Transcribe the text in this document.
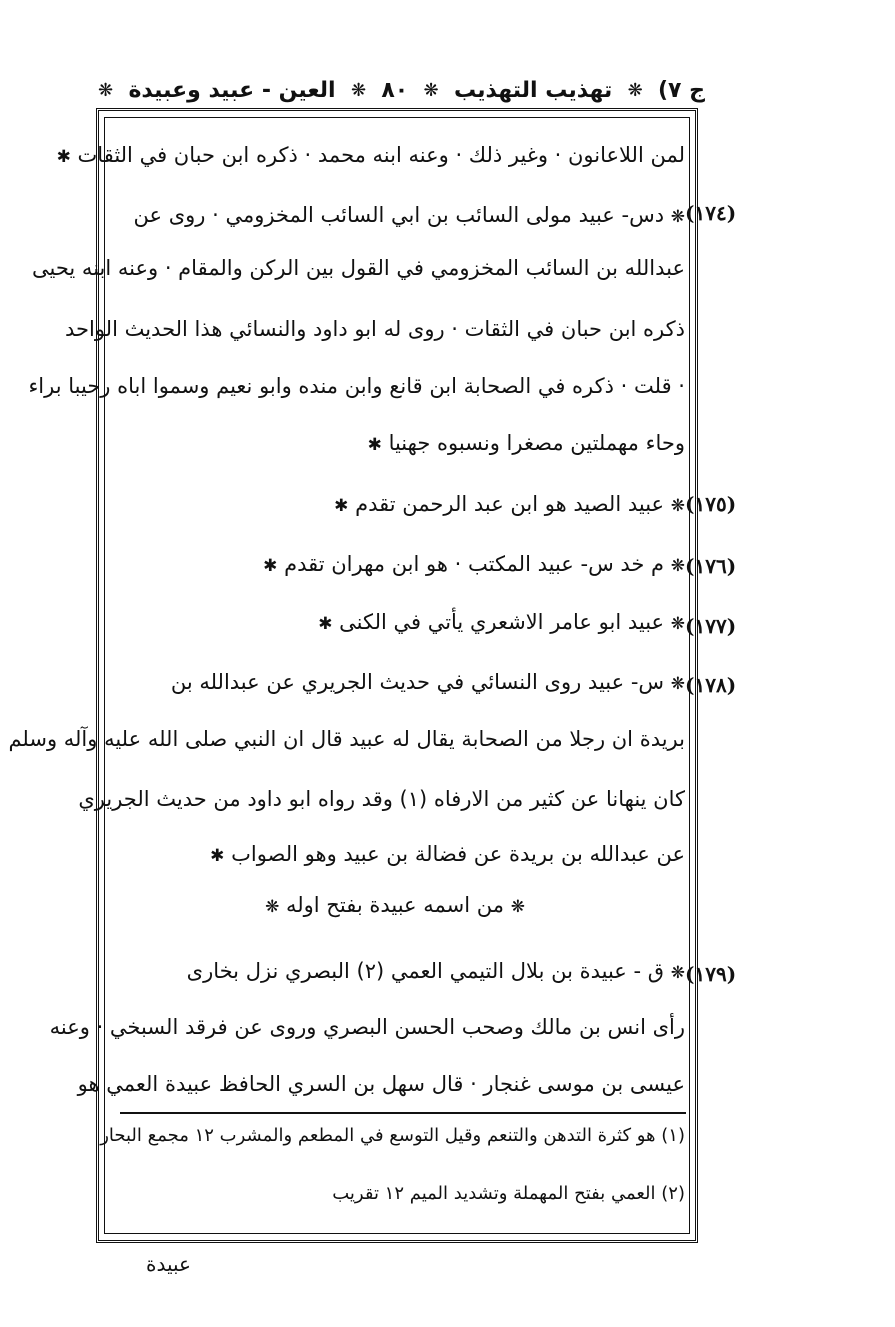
ج ٧)
❋
تهذيب التهذيب
❋
٨٠
❋
العين - عبيد وعبيدة
❋
لمن اللاعانون · وغير ذلك · وعنه ابنه محمد · ذكره ابن حبان في الثقات ✱
(١٧٤)
❋ دس- عبيد مولى السائب بن ابي السائب المخزومي · روى عن
عبدالله بن السائب المخزومي في القول بين الركن والمقام · وعنه ابنه يحيى
ذكره ابن حبان في الثقات · روى له ابو داود والنسائي هذا الحديث الواحد
· قلت · ذكره في الصحابة ابن قانع وابن منده وابو نعيم وسموا اباه رحيبا براء
وحاء مهملتين مصغرا ونسبوه جهنيا ✱
(١٧٥)
❋ عبيد الصيد هو ابن عبد الرحمن تقدم ✱
(١٧٦)
❋ م خد س- عبيد المكتب · هو ابن مهران تقدم ✱
(١٧٧)
❋ عبيد ابو عامر الاشعري يأتي في الكنى ✱
(١٧٨)
❋ س- عبيد روى النسائي في حديث الجريري عن عبدالله بن
بريدة ان رجلا من الصحابة يقال له عبيد قال ان النبي صلى الله عليه وآله وسلم
كان ينهانا عن كثير من الارفاه (١) وقد رواه ابو داود من حديث الجريري
عن عبدالله بن بريدة عن فضالة بن عبيد وهو الصواب ✱
❋ من اسمه عبيدة بفتح اوله ❋
(١٧٩)
❋ ق - عبيدة بن بلال التيمي العمي (٢) البصري نزل بخارى
رأى انس بن مالك وصحب الحسن البصري وروى عن فرقد السبخي · وعنه
عيسى بن موسى غنجار · قال سهل بن السري الحافظ عبيدة العمي هو
(١) هو كثرة التدهن والتنعم وقيل التوسع في المطعم والمشرب ١٢ مجمع البحار
(٢) العمي بفتح المهملة وتشديد الميم ١٢ تقريب
عبيدة
